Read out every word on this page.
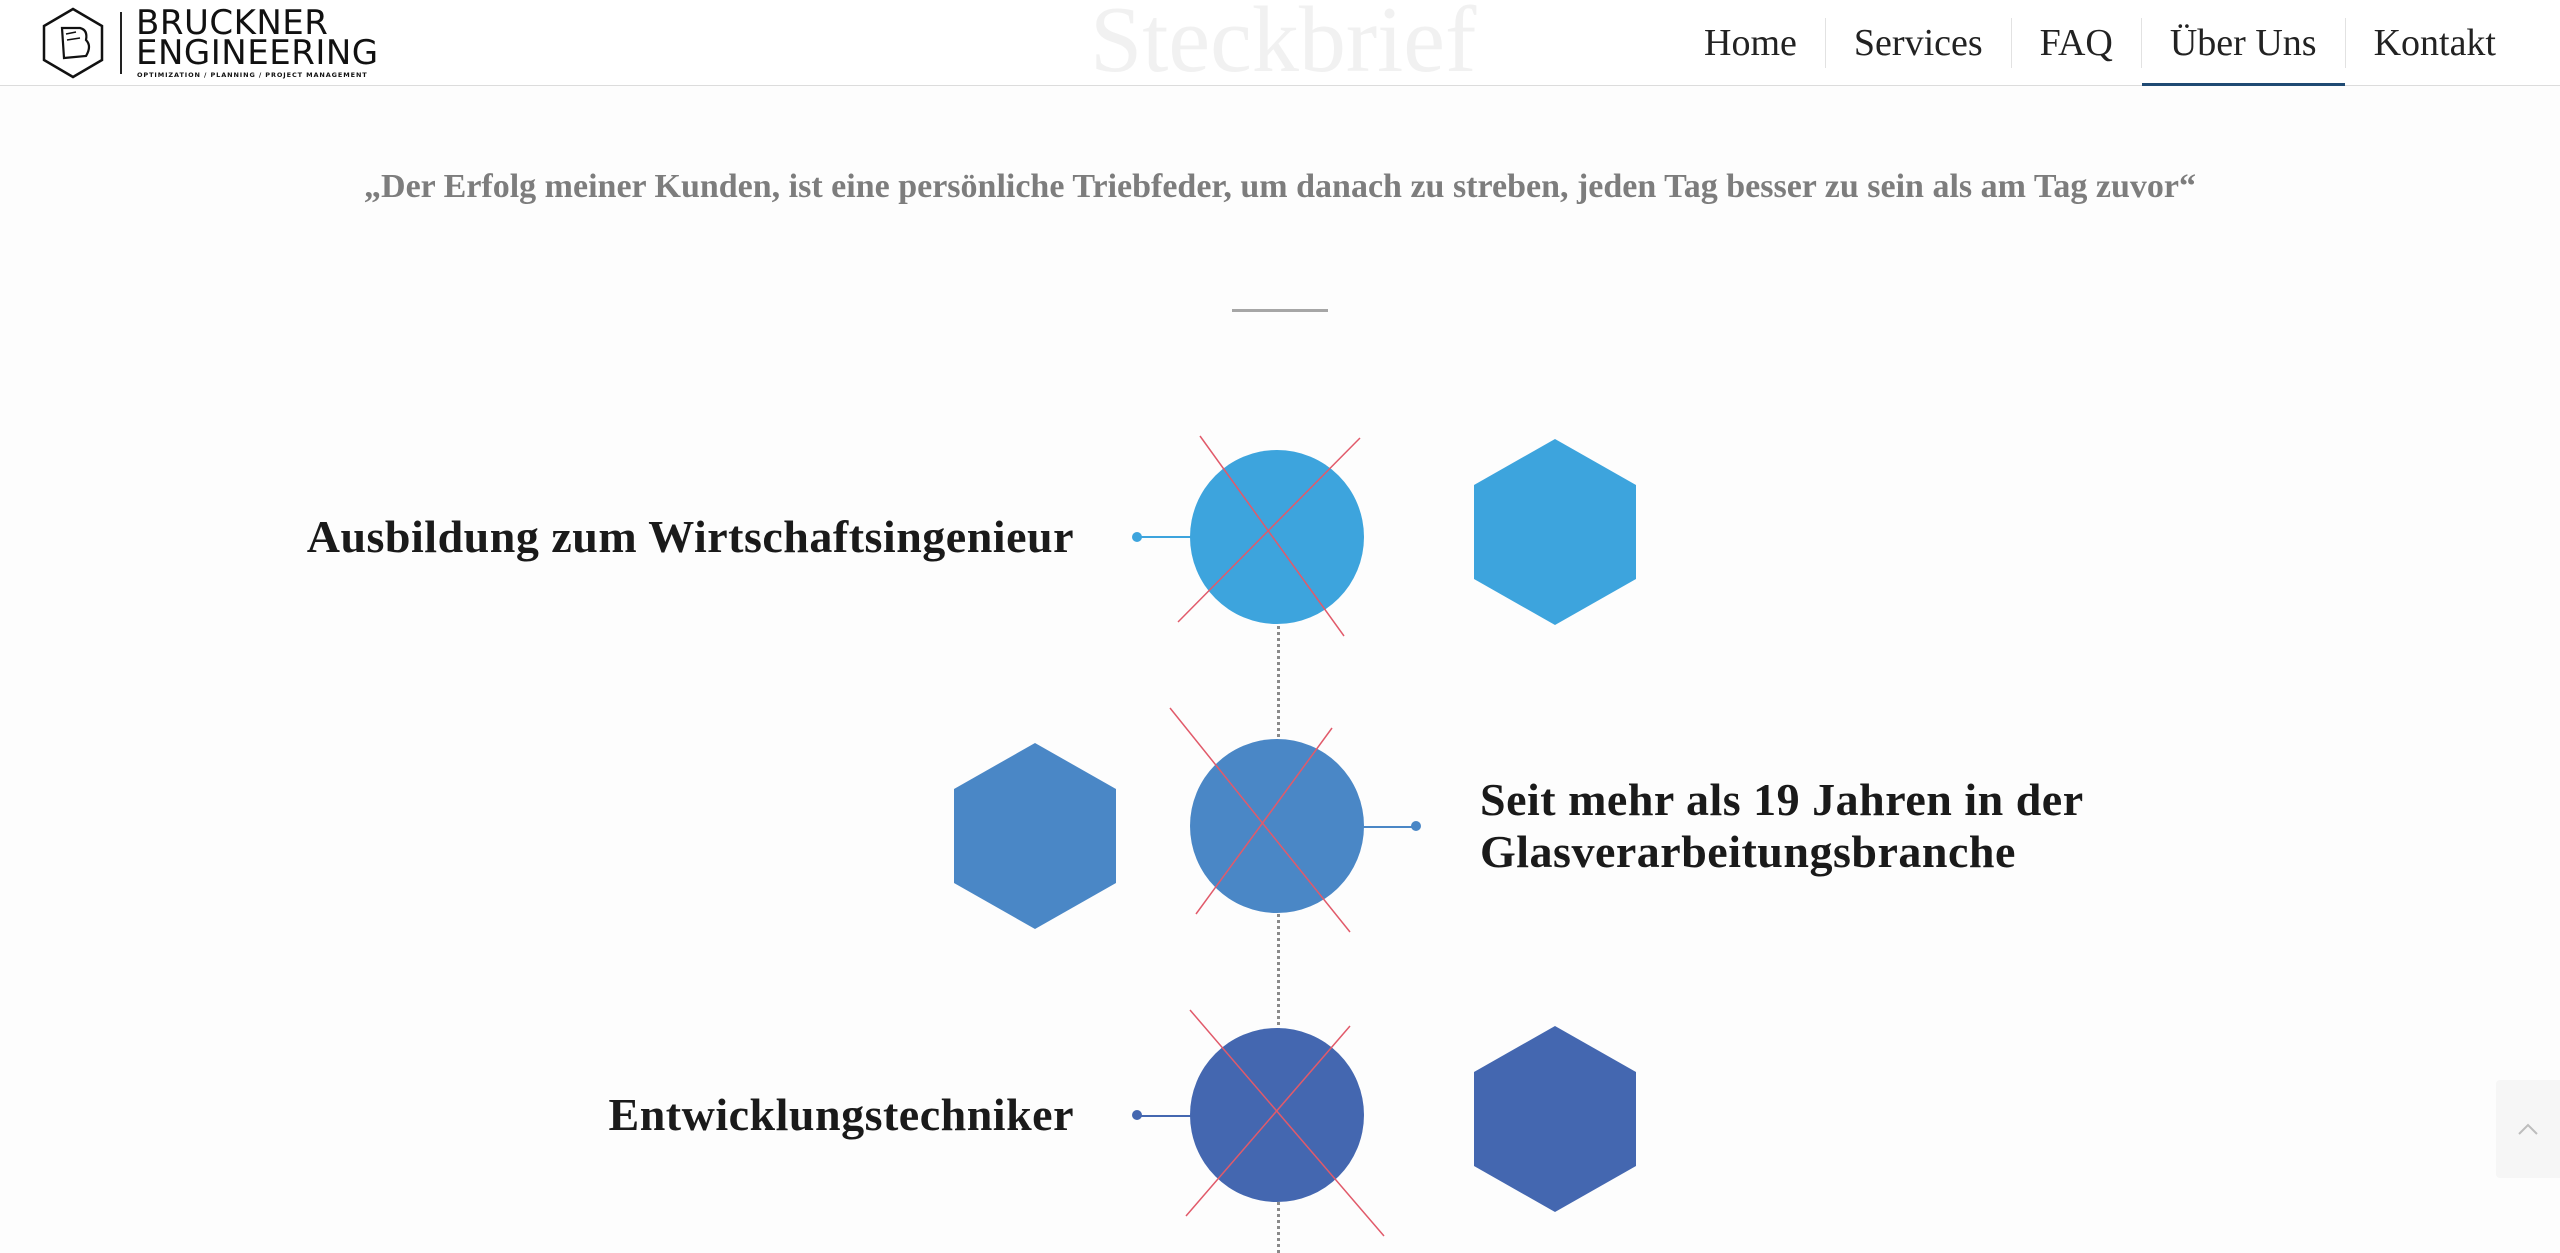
BRUCKNER
ENGINEERING
OPTIMIZATION / PLANNING / PROJECT MANAGEMENT	Steckbrief	Home	Services	FAQ	Über Uns	Kontakt
„Der Erfolg meiner Kunden, ist eine persönliche Triebfeder, um danach zu streben, jeden Tag besser zu sein als am Tag zuvor“
Ausbildung zum Wirtschaftsingenieur
Seit mehr als 19 Jahren in der
Glasverarbeitungsbranche
Entwicklungstechniker
